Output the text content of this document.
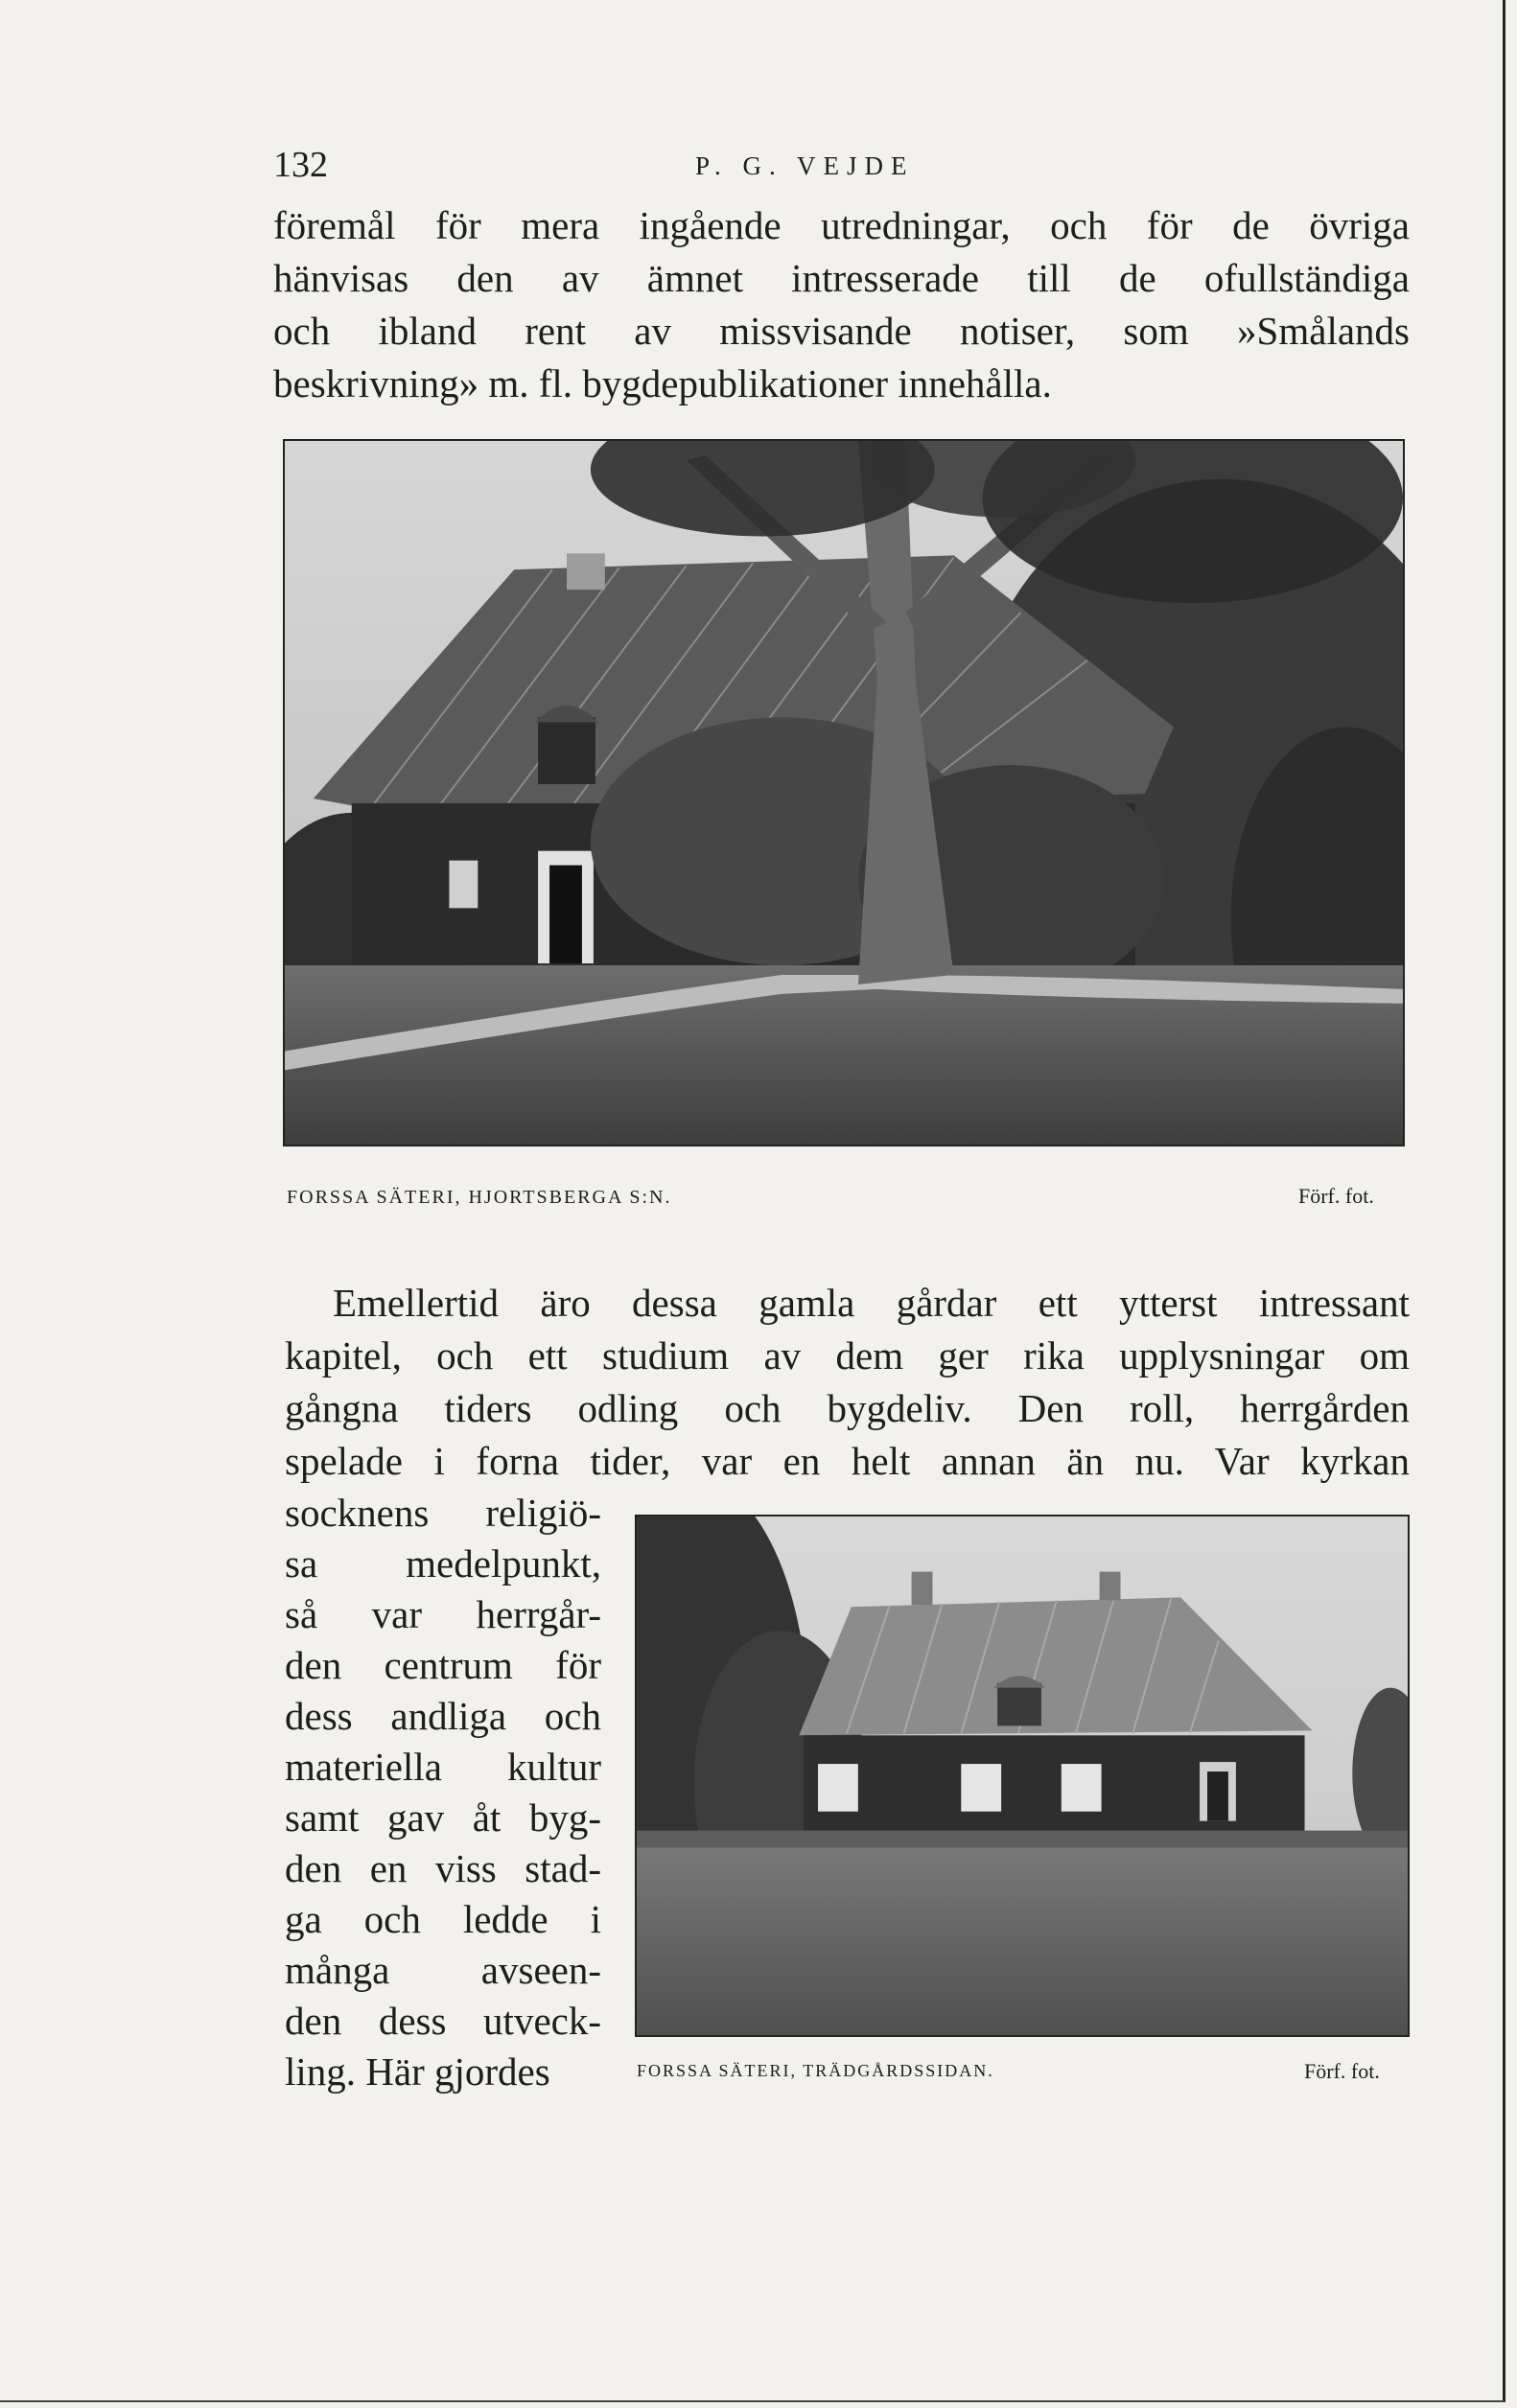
132	P. G. VEJDE
föremål för mera ingående utredningar, och för de övriga
hänvisas den av ämnet intresserade till de ofullständiga
och ibland rent av missvisande notiser, som »Smålands
beskrivning» m. fl. bygdepublikationer innehålla.
FORSSA SÄTERI, HJORTSBERGA S:N.	Förf. fot.
Emellertid äro dessa gamla gårdar ett ytterst intressant
kapitel, och ett studium av dem ger rika upplysningar om
gångna tiders odling och bygdeliv. Den roll, herrgården
spelade i forna tider, var en helt annan än nu. Var kyrkan
socknens religiö-
sa medelpunkt,
så var herrgår-
den centrum för
dess andliga och
materiella kultur
samt gav åt byg-
den en viss stad-
ga och ledde i
många avseen-
den dess utveck-
ling. Här gjordes	FORSSA SÄTERI, TRÄDGÅRDSSIDAN.	Förf. fot.
